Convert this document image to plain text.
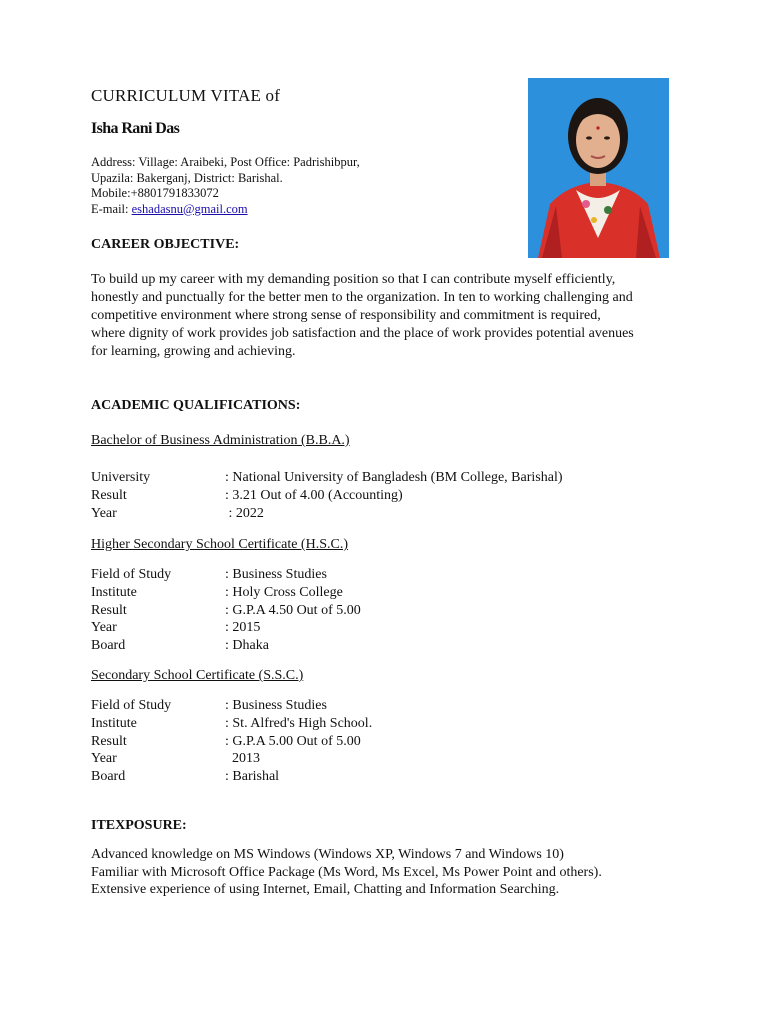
CURRICULUM VITAE of
Isha Rani Das
Address: Village: Araibeki, Post Office: Padrishibpur,
Upazila: Bakerganj, District: Barishal.
Mobile:+8801791833072
E-mail: eshadasnu@gmail.com
CAREER OBJECTIVE:
To build up my career with my demanding position so that I can contribute myself efficiently,
honestly and punctually for the better men to the organization. In ten to working challenging and
competitive environment where strong sense of responsibility and commitment is required,
where dignity of work provides job satisfaction and the place of work provides potential avenues
for learning, growing and achieving.
ACADEMIC QUALIFICATIONS:
Bachelor of Business Administration (B.B.A.)
University	: National University of Bangladesh (BM College, Barishal)
Result	: 3.21 Out of 4.00 (Accounting)
Year	: 2022
Higher Secondary School Certificate (H.S.C.)
Field of Study	: Business Studies
Institute	: Holy Cross College
Result	: G.P.A 4.50 Out of 5.00
Year	: 2015
Board	: Dhaka
Secondary School Certificate (S.S.C.)
Field of Study	: Business Studies
Institute	: St. Alfred's High School.
Result	: G.P.A 5.00 Out of 5.00
Year	2013
Board	: Barishal
ITEXPOSURE:
Advanced knowledge on MS Windows (Windows XP, Windows 7 and Windows 10)
Familiar with Microsoft Office Package (Ms Word, Ms Excel, Ms Power Point and others).
Extensive experience of using Internet, Email, Chatting and Information Searching.
